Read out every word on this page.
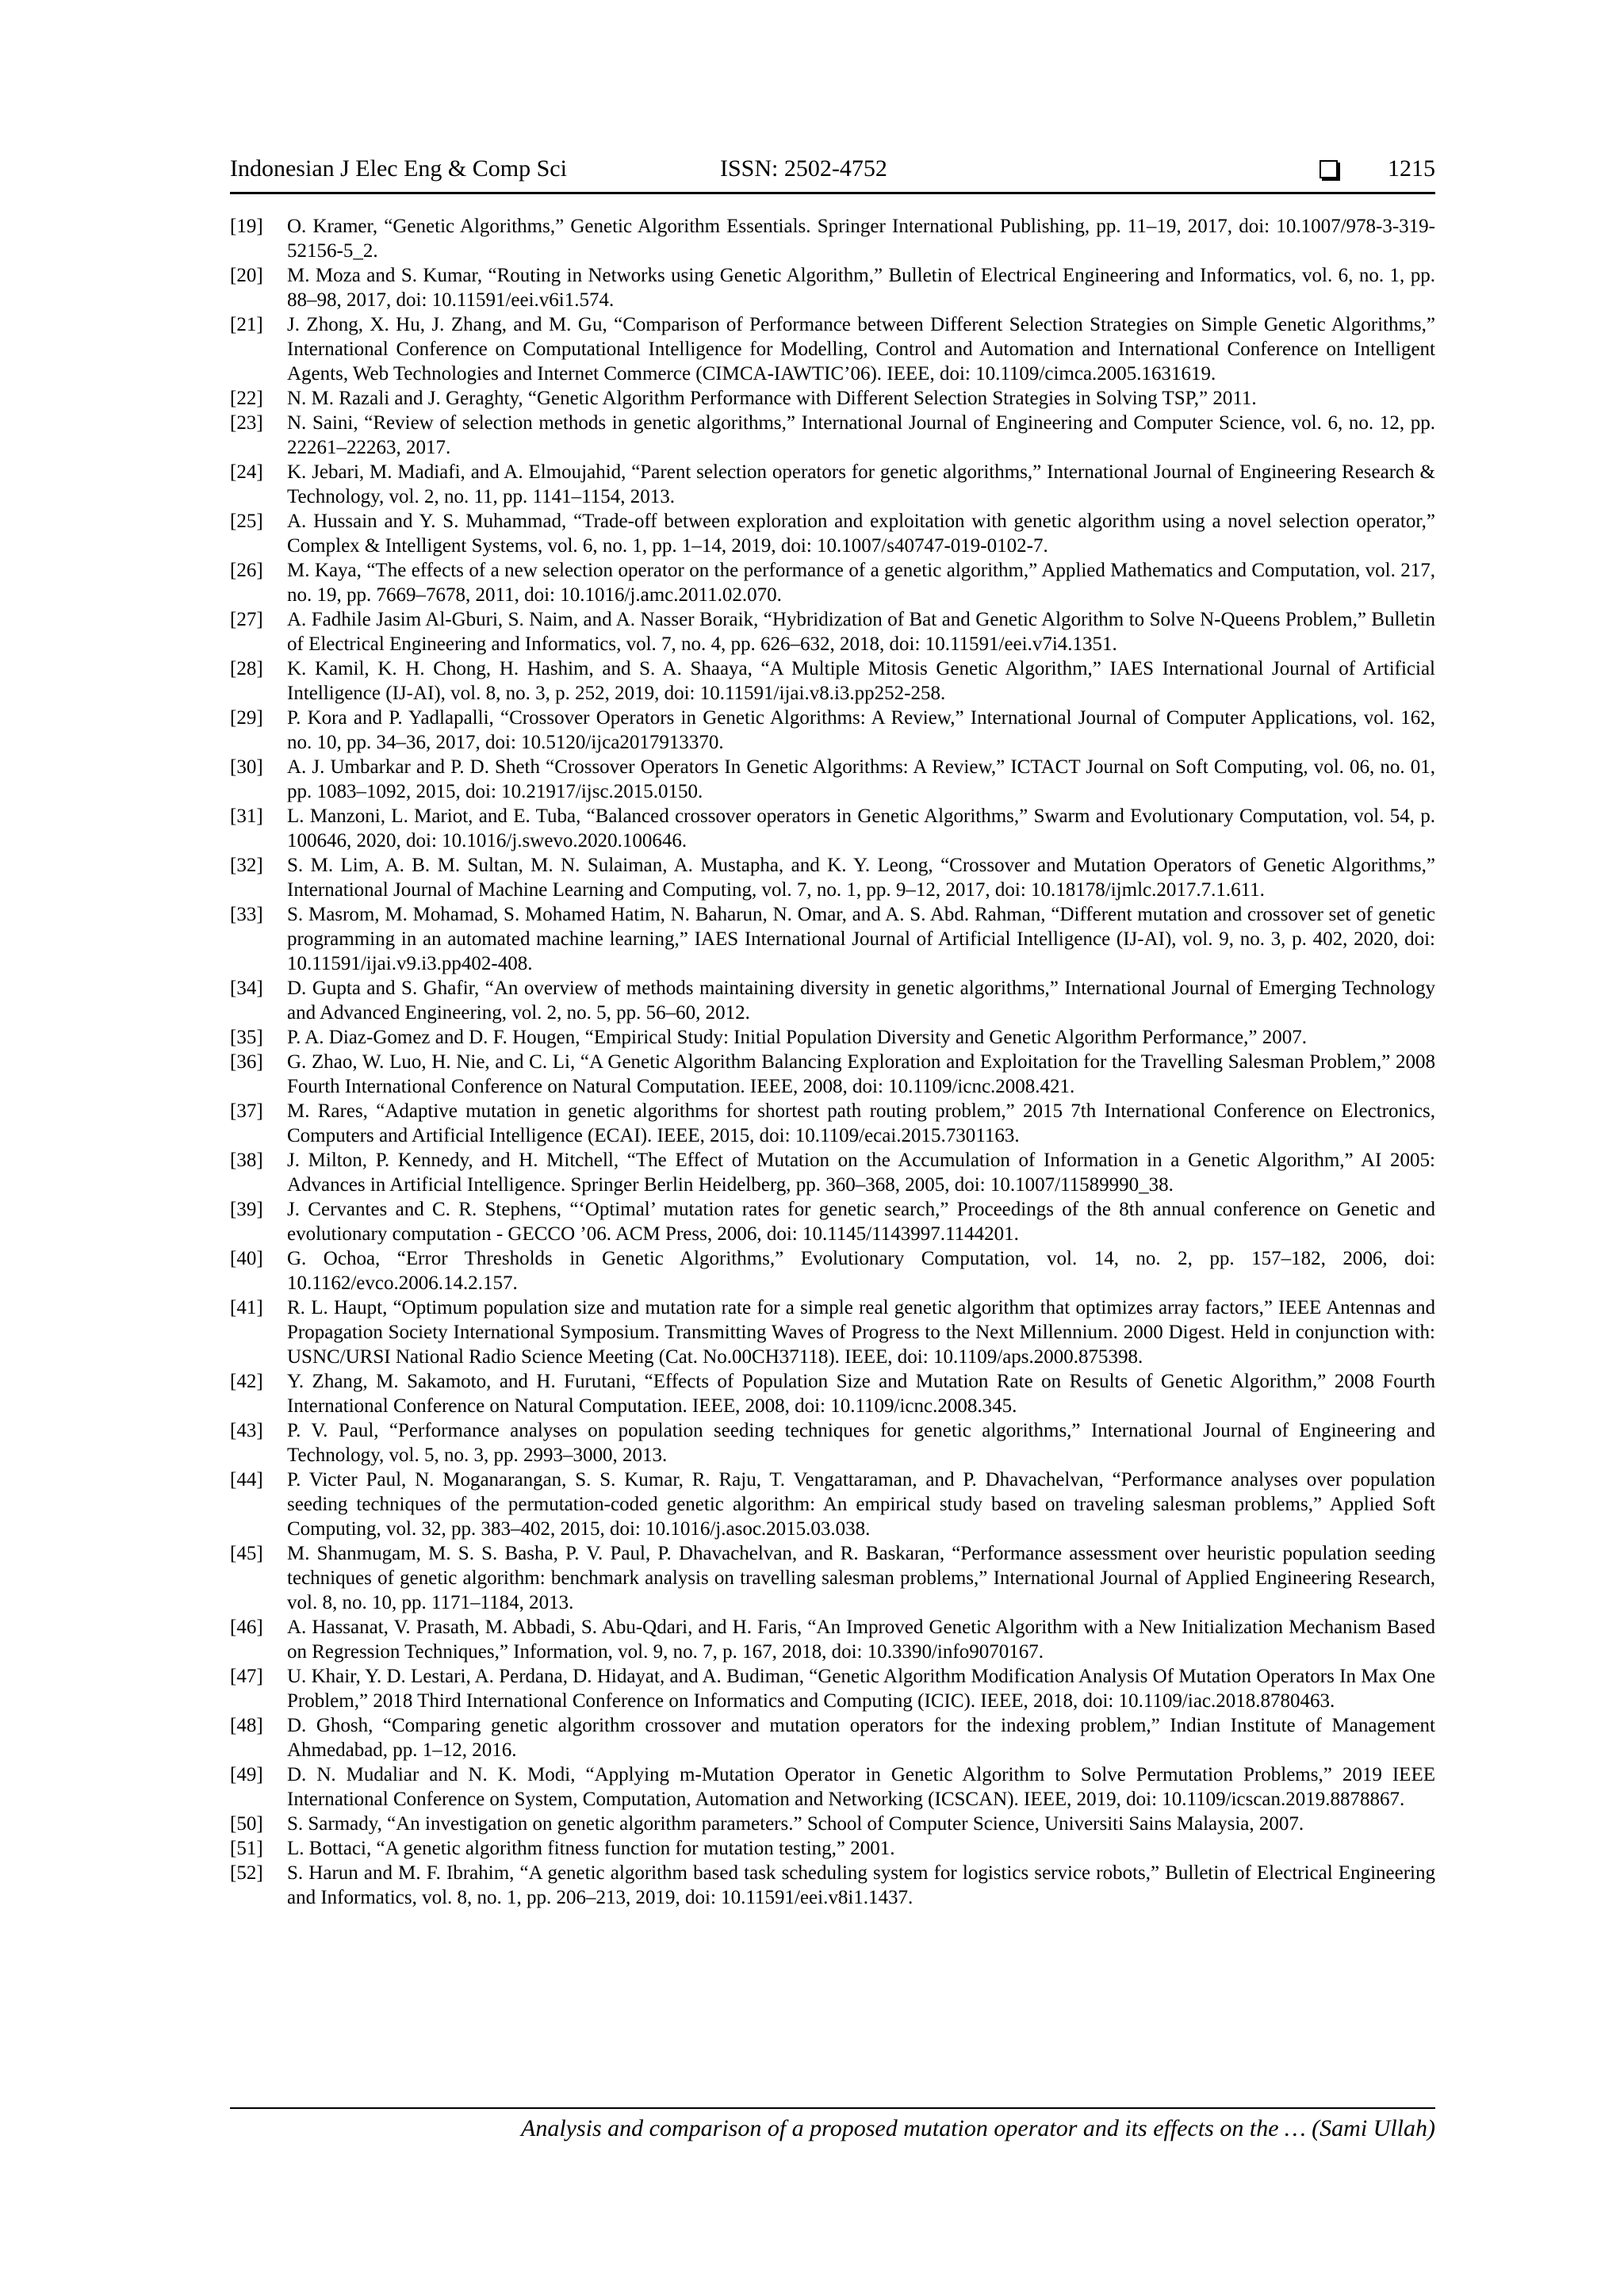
Indonesian J Elec Eng & Comp Sci	ISSN: 2502-4752	1215
[19]	O. Kramer, “Genetic Algorithms,” Genetic Algorithm Essentials. Springer International Publishing, pp. 11–19, 2017, doi: 10.1007/978-3-319-52156-5_2.
[20]	M. Moza and S. Kumar, “Routing in Networks using Genetic Algorithm,” Bulletin of Electrical Engineering and Informatics, vol. 6, no. 1, pp. 88–98, 2017, doi: 10.11591/eei.v6i1.574.
[21]	J. Zhong, X. Hu, J. Zhang, and M. Gu, “Comparison of Performance between Different Selection Strategies on Simple Genetic Algorithms,” International Conference on Computational Intelligence for Modelling, Control and Automation and International Conference on Intelligent Agents, Web Technologies and Internet Commerce (CIMCA-IAWTIC’06). IEEE, doi: 10.1109/cimca.2005.1631619.
[22]	N. M. Razali and J. Geraghty, “Genetic Algorithm Performance with Different Selection Strategies in Solving TSP,” 2011.
[23]	N. Saini, “Review of selection methods in genetic algorithms,” International Journal of Engineering and Computer Science, vol. 6, no. 12, pp. 22261–22263, 2017.
[24]	K. Jebari, M. Madiafi, and A. Elmoujahid, “Parent selection operators for genetic algorithms,” International Journal of Engineering Research & Technology, vol. 2, no. 11, pp. 1141–1154, 2013.
[25]	A. Hussain and Y. S. Muhammad, “Trade-off between exploration and exploitation with genetic algorithm using a novel selection operator,” Complex & Intelligent Systems, vol. 6, no. 1, pp. 1–14, 2019, doi: 10.1007/s40747-019-0102-7.
[26]	M. Kaya, “The effects of a new selection operator on the performance of a genetic algorithm,” Applied Mathematics and Computation, vol. 217, no. 19, pp. 7669–7678, 2011, doi: 10.1016/j.amc.2011.02.070.
[27]	A. Fadhile Jasim Al-Gburi, S. Naim, and A. Nasser Boraik, “Hybridization of Bat and Genetic Algorithm to Solve N-Queens Problem,” Bulletin of Electrical Engineering and Informatics, vol. 7, no. 4, pp. 626–632, 2018, doi: 10.11591/eei.v7i4.1351.
[28]	K. Kamil, K. H. Chong, H. Hashim, and S. A. Shaaya, “A Multiple Mitosis Genetic Algorithm,” IAES International Journal of Artificial Intelligence (IJ-AI), vol. 8, no. 3, p. 252, 2019, doi: 10.11591/ijai.v8.i3.pp252-258.
[29]	P. Kora and P. Yadlapalli, “Crossover Operators in Genetic Algorithms: A Review,” International Journal of Computer Applications, vol. 162, no. 10, pp. 34–36, 2017, doi: 10.5120/ijca2017913370.
[30]	A. J. Umbarkar and P. D. Sheth “Crossover Operators In Genetic Algorithms: A Review,” ICTACT Journal on Soft Computing, vol. 06, no. 01, pp. 1083–1092, 2015, doi: 10.21917/ijsc.2015.0150.
[31]	L. Manzoni, L. Mariot, and E. Tuba, “Balanced crossover operators in Genetic Algorithms,” Swarm and Evolutionary Computation, vol. 54, p. 100646, 2020, doi: 10.1016/j.swevo.2020.100646.
[32]	S. M. Lim, A. B. M. Sultan, M. N. Sulaiman, A. Mustapha, and K. Y. Leong, “Crossover and Mutation Operators of Genetic Algorithms,” International Journal of Machine Learning and Computing, vol. 7, no. 1, pp. 9–12, 2017, doi: 10.18178/ijmlc.2017.7.1.611.
[33]	S. Masrom, M. Mohamad, S. Mohamed Hatim, N. Baharun, N. Omar, and A. S. Abd. Rahman, “Different mutation and crossover set of genetic programming in an automated machine learning,” IAES International Journal of Artificial Intelligence (IJ-AI), vol. 9, no. 3, p. 402, 2020, doi: 10.11591/ijai.v9.i3.pp402-408.
[34]	D. Gupta and S. Ghafir, “An overview of methods maintaining diversity in genetic algorithms,” International Journal of Emerging Technology and Advanced Engineering, vol. 2, no. 5, pp. 56–60, 2012.
[35]	P. A. Diaz-Gomez and D. F. Hougen, “Empirical Study: Initial Population Diversity and Genetic Algorithm Performance,” 2007.
[36]	G. Zhao, W. Luo, H. Nie, and C. Li, “A Genetic Algorithm Balancing Exploration and Exploitation for the Travelling Salesman Problem,” 2008 Fourth International Conference on Natural Computation. IEEE, 2008, doi: 10.1109/icnc.2008.421.
[37]	M. Rares, “Adaptive mutation in genetic algorithms for shortest path routing problem,” 2015 7th International Conference on Electronics, Computers and Artificial Intelligence (ECAI). IEEE, 2015, doi: 10.1109/ecai.2015.7301163.
[38]	J. Milton, P. Kennedy, and H. Mitchell, “The Effect of Mutation on the Accumulation of Information in a Genetic Algorithm,” AI 2005: Advances in Artificial Intelligence. Springer Berlin Heidelberg, pp. 360–368, 2005, doi: 10.1007/11589990_38.
[39]	J. Cervantes and C. R. Stephens, “‘Optimal’ mutation rates for genetic search,” Proceedings of the 8th annual conference on Genetic and evolutionary computation - GECCO ’06. ACM Press, 2006, doi: 10.1145/1143997.1144201.
[40]	G. Ochoa, “Error Thresholds in Genetic Algorithms,” Evolutionary Computation, vol. 14, no. 2, pp. 157–182, 2006, doi: 10.1162/evco.2006.14.2.157.
[41]	R. L. Haupt, “Optimum population size and mutation rate for a simple real genetic algorithm that optimizes array factors,” IEEE Antennas and Propagation Society International Symposium. Transmitting Waves of Progress to the Next Millennium. 2000 Digest. Held in conjunction with: USNC/URSI National Radio Science Meeting (Cat. No.00CH37118). IEEE, doi: 10.1109/aps.2000.875398.
[42]	Y. Zhang, M. Sakamoto, and H. Furutani, “Effects of Population Size and Mutation Rate on Results of Genetic Algorithm,” 2008 Fourth International Conference on Natural Computation. IEEE, 2008, doi: 10.1109/icnc.2008.345.
[43]	P. V. Paul, “Performance analyses on population seeding techniques for genetic algorithms,” International Journal of Engineering and Technology, vol. 5, no. 3, pp. 2993–3000, 2013.
[44]	P. Victer Paul, N. Moganarangan, S. S. Kumar, R. Raju, T. Vengattaraman, and P. Dhavachelvan, “Performance analyses over population seeding techniques of the permutation-coded genetic algorithm: An empirical study based on traveling salesman problems,” Applied Soft Computing, vol. 32, pp. 383–402, 2015, doi: 10.1016/j.asoc.2015.03.038.
[45]	M. Shanmugam, M. S. S. Basha, P. V. Paul, P. Dhavachelvan, and R. Baskaran, “Performance assessment over heuristic population seeding techniques of genetic algorithm: benchmark analysis on travelling salesman problems,” International Journal of Applied Engineering Research, vol. 8, no. 10, pp. 1171–1184, 2013.
[46]	A. Hassanat, V. Prasath, M. Abbadi, S. Abu-Qdari, and H. Faris, “An Improved Genetic Algorithm with a New Initialization Mechanism Based on Regression Techniques,” Information, vol. 9, no. 7, p. 167, 2018, doi: 10.3390/info9070167.
[47]	U. Khair, Y. D. Lestari, A. Perdana, D. Hidayat, and A. Budiman, “Genetic Algorithm Modification Analysis Of Mutation Operators In Max One Problem,” 2018 Third International Conference on Informatics and Computing (ICIC). IEEE, 2018, doi: 10.1109/iac.2018.8780463.
[48]	D. Ghosh, “Comparing genetic algorithm crossover and mutation operators for the indexing problem,” Indian Institute of Management Ahmedabad, pp. 1–12, 2016.
[49]	D. N. Mudaliar and N. K. Modi, “Applying m-Mutation Operator in Genetic Algorithm to Solve Permutation Problems,” 2019 IEEE International Conference on System, Computation, Automation and Networking (ICSCAN). IEEE, 2019, doi: 10.1109/icscan.2019.8878867.
[50]	S. Sarmady, “An investigation on genetic algorithm parameters.” School of Computer Science, Universiti Sains Malaysia, 2007.
[51]	L. Bottaci, “A genetic algorithm fitness function for mutation testing,” 2001.
[52]	S. Harun and M. F. Ibrahim, “A genetic algorithm based task scheduling system for logistics service robots,” Bulletin of Electrical Engineering and Informatics, vol. 8, no. 1, pp. 206–213, 2019, doi: 10.11591/eei.v8i1.1437.
Analysis and comparison of a proposed mutation operator and its effects on the … (Sami Ullah)
